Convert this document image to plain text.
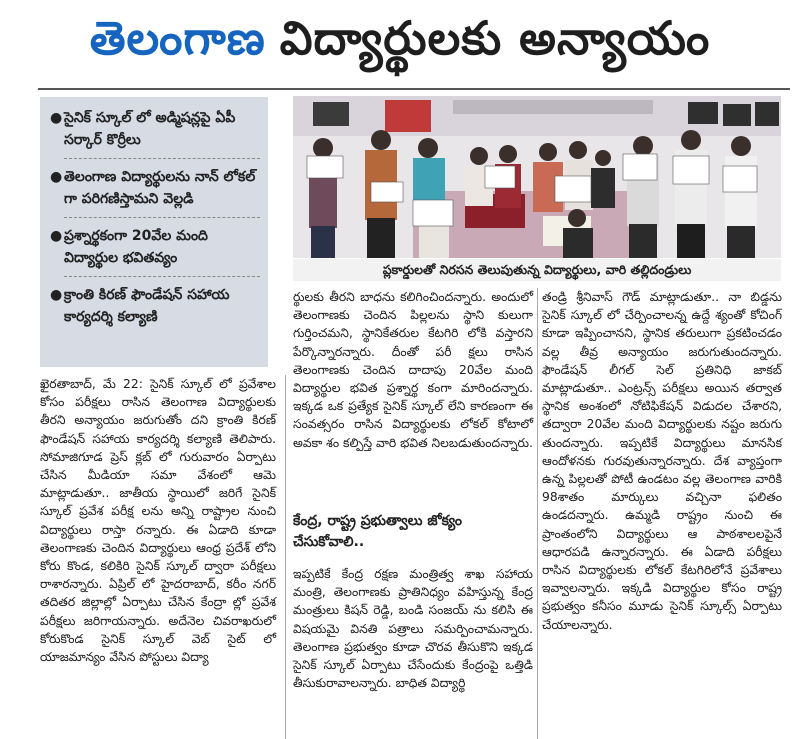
తెలంగాణ విద్యార్థులకు అన్యాయం
● సైనిక్ స్కూల్ లో అడ్మిషన్లపై ఏపీ సర్కార్ కొర్రీలు
● తెలంగాణ విద్యార్థులను నాన్ లోకల్ గా పరిగణిస్తామని వెల్లడి
● ప్రశ్నార్థకంగా 20వేల మంది విద్యార్థుల భవితవ్యం
● క్రాంతి కిరణ్ ఫౌండేషన్ సహాయ కార్యదర్శి కల్యాణి
ప్లకార్డులతో నిరసన తెలుపుతున్న విద్యార్థులు, వారి తల్లిదండ్రులు

ఖైరతాబాద్, మే 22: సైనిక్ స్కూల్ లో ప్రవేశాల కోసం పరీక్షలు రాసిన తెలంగాణ విద్యార్థులకు తీరని అన్యాయం జరుగుతోం దని క్రాంతి కిరణ్ ఫౌండేషన్ సహాయ కార్యదర్శి కల్యాణి తెలిపారు. సోమాజిగూడ ప్రెస్ క్లబ్ లో గురువారం ఏర్పాటు చేసిన మీడియా సమా వేశంలో ఆమె మాట్లాడుతూ.. జాతీయ స్థాయిలో జరిగే సైనిక్ స్కూల్ ప్రవేశ పరీక్ష లను అన్ని రాష్ట్రాల నుంచి విద్యార్థులు రాస్తా రన్నారు. ఈ ఏడాది కూడా తెలంగాణకు చెందిన విద్యార్థులు ఆంధ్ర ప్రదేశ్ లోని కోరు కొండ, కలికిరి సైనిక్ స్కూల్ ద్వారా పరీక్షలు రాశారన్నారు. ఏప్రిల్ లో హైదరాబాద్, కరీం నగర్ తదితర జిల్లాల్లో ఏర్పాటు చేసిన కేంద్రా ల్లో ప్రవేశ పరీక్షలు జరిగాయన్నారు. అదేనెల చివరాఖరులో కోరుకొండ సైనిక్ స్కూల్ వెబ్ సైట్ లో యాజమాన్యం వేసిన పోస్టులు విద్యా

ర్థులకు తీరని బాధను కలిగించిందన్నారు. అందులో తెలంగాణకు చెందిన పిల్లలను స్థాని కులుగా గుర్తించమని, స్థానికేతరుల కేటగిరి లోకి వస్తారని పేర్కొన్నారన్నారు. దీంతో పరీ క్షలు రాసిన తెలంగాణకు చెందిన దాదాపు 20వేల మంది విద్యార్థుల భవిత ప్రశ్నార్థ కంగా మారిందన్నారు. ఇక్కడ ఒక ప్రత్యేక సైనిక్ స్కూల్ లేని కారణంగా ఈ సంవత్సరం రాసిన విద్యార్థులకు లోకల్ కోటాలో అవకా శం కల్పిస్తే వారి భవిత నిలబడుతుందన్నారు.

కేంద్ర, రాష్ట్ర ప్రభుత్వాలు జోక్యం చేసుకోవాలి..

ఇప్పటికే కేంద్ర రక్షణ మంత్రిత్వ శాఖ సహాయ మంత్రి, తెలంగాణకు ప్రాతినిధ్యం వహిస్తున్న కేంద్ర మంత్రులు కిషన్ రెడ్డి, బండి సంజయ్ ను కలిసి ఈ విషయమై వినతి పత్రాలు సమర్పించామన్నారు. తెలంగాణ ప్రభుత్వం కూడా చొరవ తీసుకొని ఇక్కడ సైనిక్ స్కూల్ ఏర్పాటు చేసేందుకు కేంద్రంపై ఒత్తిడి తీసుకురావాలన్నారు. బాధిత విద్యార్థి

తండ్రి శ్రీనివాస్ గౌడ్ మాట్లాడుతూ.. నా బిడ్డను సైనిక్ స్కూల్ లో చేర్పించాలన్న ఉద్దే శ్యంతో కోచింగ్ కూడా ఇప్పించానని, స్థానిక తరులుగా ప్రకటించడం వల్ల తీవ్ర అన్యాయం జరుగుతుందన్నారు. ఫౌండేషన్ లీగల్ సెల్ ప్రతినిధి జాకబ్ మాట్లాడుతూ.. ఎంట్రన్స్ పరీక్షలు అయిన తర్వాత స్థానిక అంశంలో నోటిఫికేషన్ విడుదల చేశారని, తద్వారా 20వేల మంది విద్యార్థులకు నష్టం జరుగు తుందన్నారు. ఇప్పటికే విద్యార్థులు మానసిక ఆందోళనకు గురవుతున్నారన్నారు. దేశ వ్యాప్తంగా ఉన్న పిల్లలతో పోటీ ఉండటం వల్ల తెలంగాణ వారికి 98శాతం మార్కులు వచ్చినా ఫలితం ఉండదన్నారు. ఉమ్మడి రాష్ట్రం నుంచి ఈ ప్రాంతంలోని విద్యార్థులు ఆ పాఠశాలలపైనే ఆధారపడి ఉన్నారన్నారు. ఈ ఏడాది పరీక్షలు రాసిన విద్యార్థులకు లోకల్ కేటగిరిలోనే ప్రవేశాలు ఇవ్వాలన్నారు. ఇక్కడి విద్యార్థుల కోసం రాష్ట్ర ప్రభుత్వం కనీసం మూడు సైనిక్ స్కూల్స్ ఏర్పాటు చేయాలన్నారు.
